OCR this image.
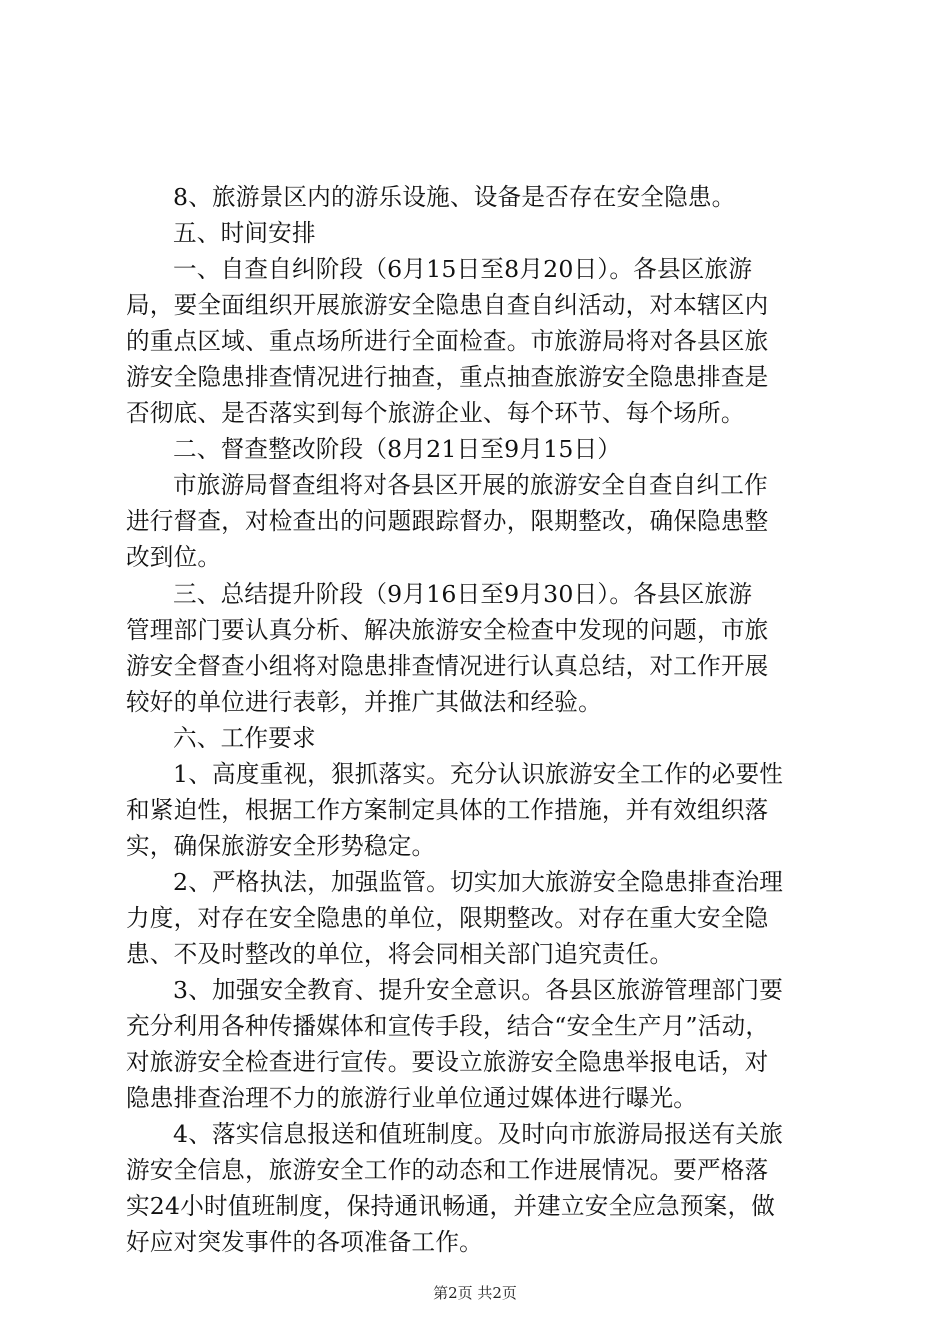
8、旅游景区内的游乐设施、设备是否存在安全隐患。
五、时间安排
一、自查自纠阶段（6月15日至8月20日）。各县区旅游
局，要全面组织开展旅游安全隐患自查自纠活动，对本辖区内
的重点区域、重点场所进行全面检查。市旅游局将对各县区旅
游安全隐患排查情况进行抽查，重点抽查旅游安全隐患排查是
否彻底、是否落实到每个旅游企业、每个环节、每个场所。
二、督查整改阶段（8月21日至9月15日）
市旅游局督查组将对各县区开展的旅游安全自查自纠工作
进行督查，对检查出的问题跟踪督办，限期整改，确保隐患整
改到位。
三、总结提升阶段（9月16日至9月30日）。各县区旅游
管理部门要认真分析、解决旅游安全检查中发现的问题，市旅
游安全督查小组将对隐患排查情况进行认真总结，对工作开展
较好的单位进行表彰，并推广其做法和经验。
六、工作要求
1、高度重视，狠抓落实。充分认识旅游安全工作的必要性
和紧迫性，根据工作方案制定具体的工作措施，并有效组织落
实，确保旅游安全形势稳定。
2、严格执法，加强监管。切实加大旅游安全隐患排查治理
力度，对存在安全隐患的单位，限期整改。对存在重大安全隐
患、不及时整改的单位，将会同相关部门追究责任。
3、加强安全教育、提升安全意识。各县区旅游管理部门要
充分利用各种传播媒体和宣传手段，结合“安全生产月”活动，
对旅游安全检查进行宣传。要设立旅游安全隐患举报电话，对
隐患排查治理不力的旅游行业单位通过媒体进行曝光。
4、落实信息报送和值班制度。及时向市旅游局报送有关旅
游安全信息，旅游安全工作的动态和工作进展情况。要严格落
实24小时值班制度，保持通讯畅通，并建立安全应急预案，做
好应对突发事件的各项准备工作。
第2页 共2页
